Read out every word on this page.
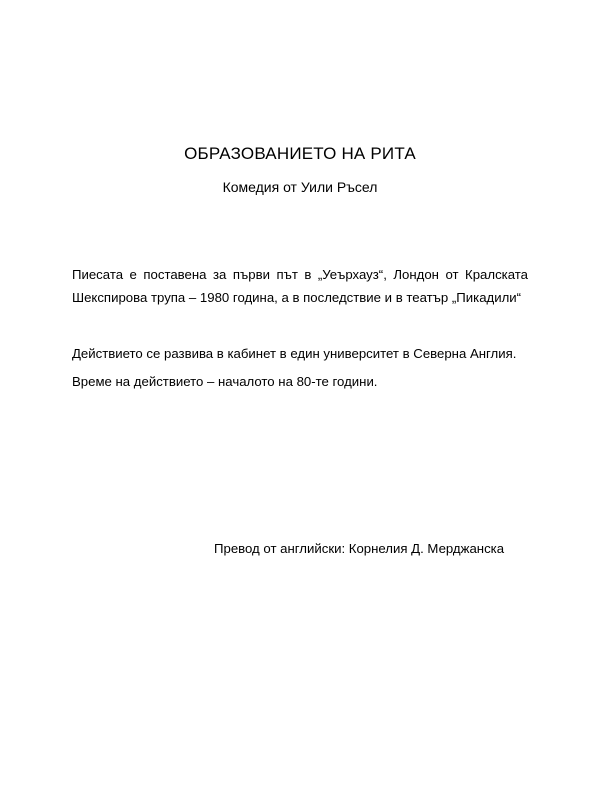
ОБРАЗОВАНИЕТО НА РИТА

Комедия от Уили Ръсел

Пиесата е поставена за първи път в „Уеърхауз“, Лондон от Кралската Шекспирова трупа – 1980 година, а в последствие и в театър „Пикадили“

Действието се развива в кабинет в един университет в Северна Англия.

Време на действието – началото на 80-те години.

Превод от английски: Корнелия Д. Мерджанска
